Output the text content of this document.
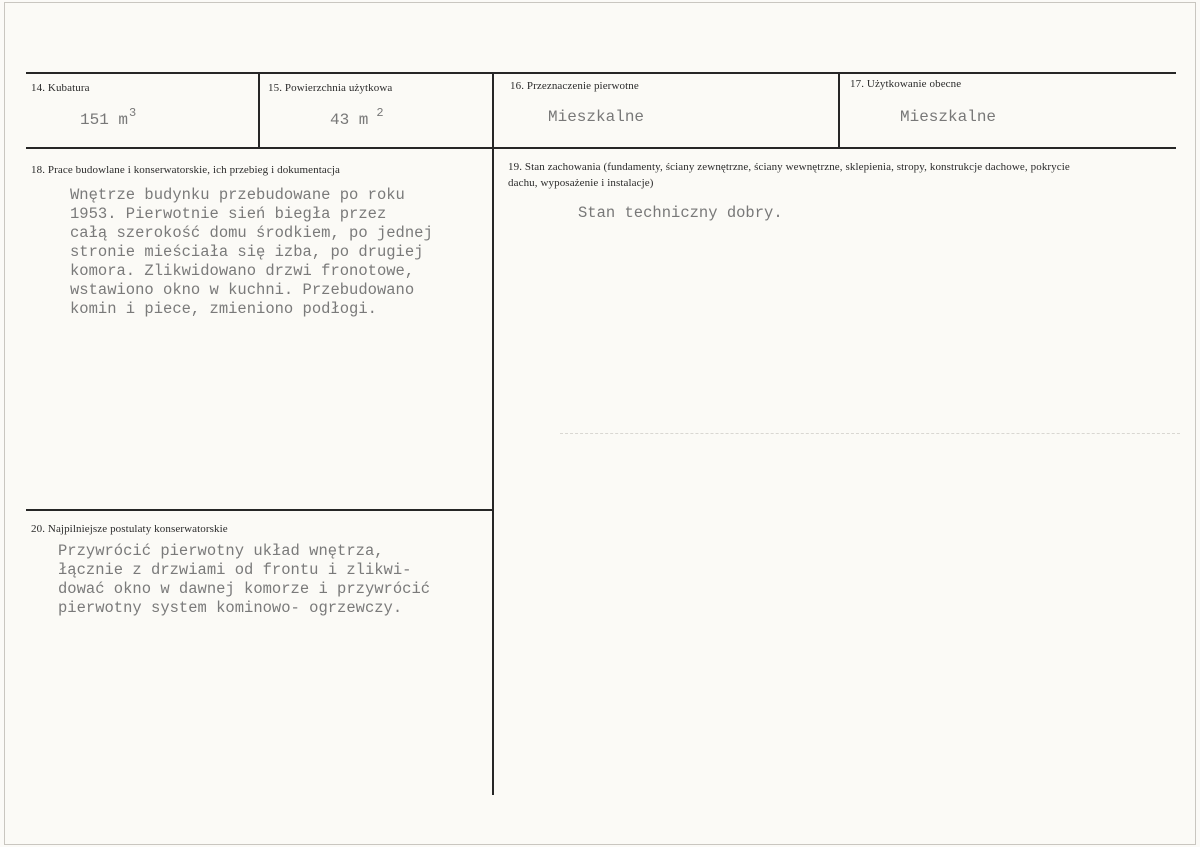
14. Kubatura
151 $m^3$
15. Powierzchnia użytkowa
43 m $^2$
16. Przeznaczenie pierwotne
Mieszkalne
17. Użytkowanie obecne
Mieszkalne
18. Prace budowlane i konserwatorskie, ich przebieg i dokumentacja
Wnętrze budynku przebudowane po roku
1953. Pierwotnie sień biegła przez
całą szerokość domu środkiem, po jednej
stronie mieściała się izba, po drugiej
komora. Zlikwidowano drzwi fronotowe,
wstawiono okno w kuchni. Przebudowano
komin i piece, zmieniono podłogi.
19. Stan zachowania (fundamenty, ściany zewnętrzne, ściany wewnętrzne, sklepienia, stropy, konstrukcje dachowe, pokrycie dachu, wyposażenie i instalacje)
Stan techniczny dobry.
20. Najpilniejsze postulaty konserwatorskie
Przywrócić pierwotny układ wnętrza,
łącznie z drzwiami od frontu i zlikwi-
dować okno w dawnej komorze i przywrócić
pierwotny system kominowo- ogrzewczy.
